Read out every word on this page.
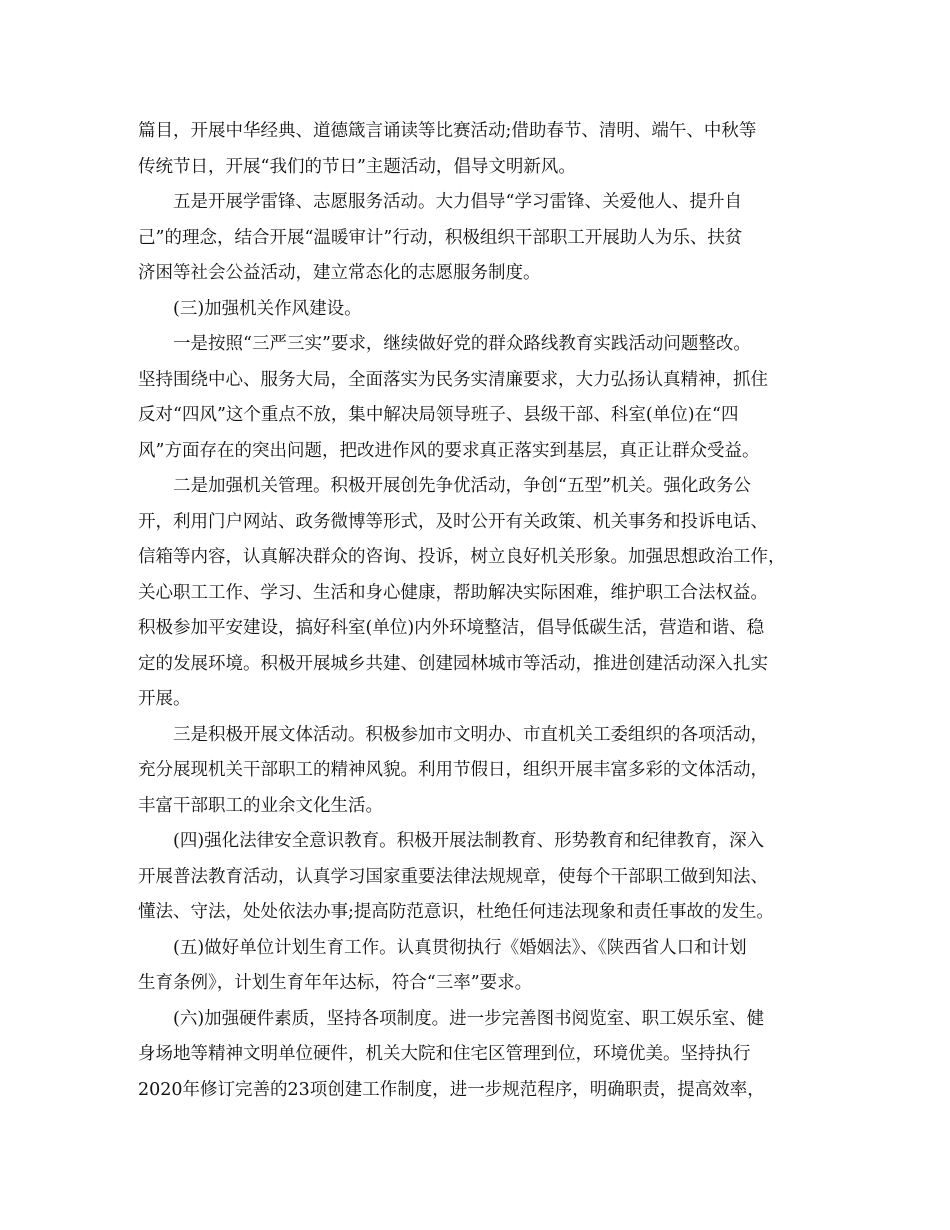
篇目，开展中华经典、道德箴言诵读等比赛活动;借助春节、清明、端午、中秋等

传统节日，开展“我们的节日”主题活动，倡导文明新风。

五是开展学雷锋、志愿服务活动。大力倡导“学习雷锋、关爱他人、提升自

己”的理念，结合开展“温暖审计”行动，积极组织干部职工开展助人为乐、扶贫

济困等社会公益活动，建立常态化的志愿服务制度。

(三)加强机关作风建设。

一是按照“三严三实”要求，继续做好党的群众路线教育实践活动问题整改。

坚持围绕中心、服务大局，全面落实为民务实清廉要求，大力弘扬认真精神，抓住

反对“四风”这个重点不放，集中解决局领导班子、县级干部、科室(单位)在“四

风”方面存在的突出问题，把改进作风的要求真正落实到基层，真正让群众受益。

二是加强机关管理。积极开展创先争优活动，争创“五型”机关。强化政务公

开，利用门户网站、政务微博等形式，及时公开有关政策、机关事务和投诉电话、

信箱等内容，认真解决群众的咨询、投诉，树立良好机关形象。加强思想政治工作，

关心职工工作、学习、生活和身心健康，帮助解决实际困难，维护职工合法权益。

积极参加平安建设，搞好科室(单位)内外环境整洁，倡导低碳生活，营造和谐、稳

定的发展环境。积极开展城乡共建、创建园林城市等活动，推进创建活动深入扎实

开展。

三是积极开展文体活动。积极参加市文明办、市直机关工委组织的各项活动，

充分展现机关干部职工的精神风貌。利用节假日，组织开展丰富多彩的文体活动，

丰富干部职工的业余文化生活。

(四)强化法律安全意识教育。积极开展法制教育、形势教育和纪律教育，深入

开展普法教育活动，认真学习国家重要法律法规规章，使每个干部职工做到知法、

懂法、守法，处处依法办事;提高防范意识，杜绝任何违法现象和责任事故的发生。

(五)做好单位计划生育工作。认真贯彻执行《婚姻法》、《陕西省人口和计划

生育条例》，计划生育年年达标，符合“三率”要求。

(六)加强硬件素质，坚持各项制度。进一步完善图书阅览室、职工娱乐室、健

身场地等精神文明单位硬件，机关大院和住宅区管理到位，环境优美。坚持执行

2020年修订完善的23项创建工作制度，进一步规范程序，明确职责，提高效率，
